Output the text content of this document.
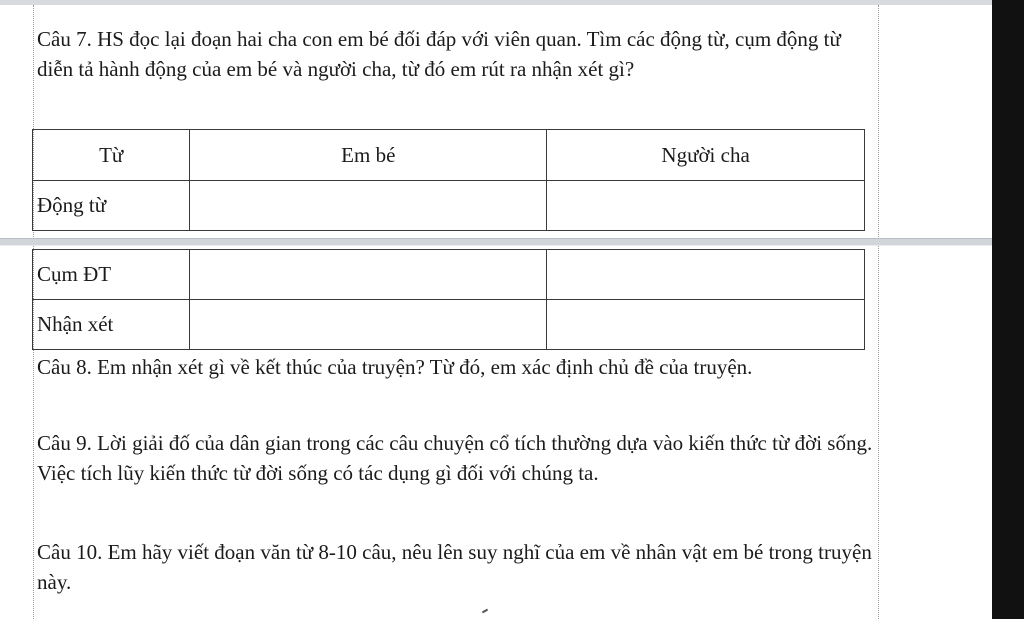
Câu 7. HS đọc lại đoạn hai cha con em bé đối đáp với viên quan. Tìm các động từ, cụm động từ diễn tả hành động của em bé và người cha, từ đó em rút ra nhận xét gì?

Từ	Em bé	Người cha
Động từ		
Cụm ĐT		
Nhận xét		

Câu 8. Em nhận xét gì về kết thúc của truyện? Từ đó, em xác định chủ đề của truyện.

Câu 9. Lời giải đố của dân gian trong các câu chuyện cổ tích thường dựa vào kiến thức từ đời sống. Việc tích lũy kiến thức từ đời sống có tác dụng gì đối với chúng ta.

Câu 10. Em hãy viết đoạn văn từ 8-10 câu, nêu lên suy nghĩ của em về nhân vật em bé trong truyện này.
